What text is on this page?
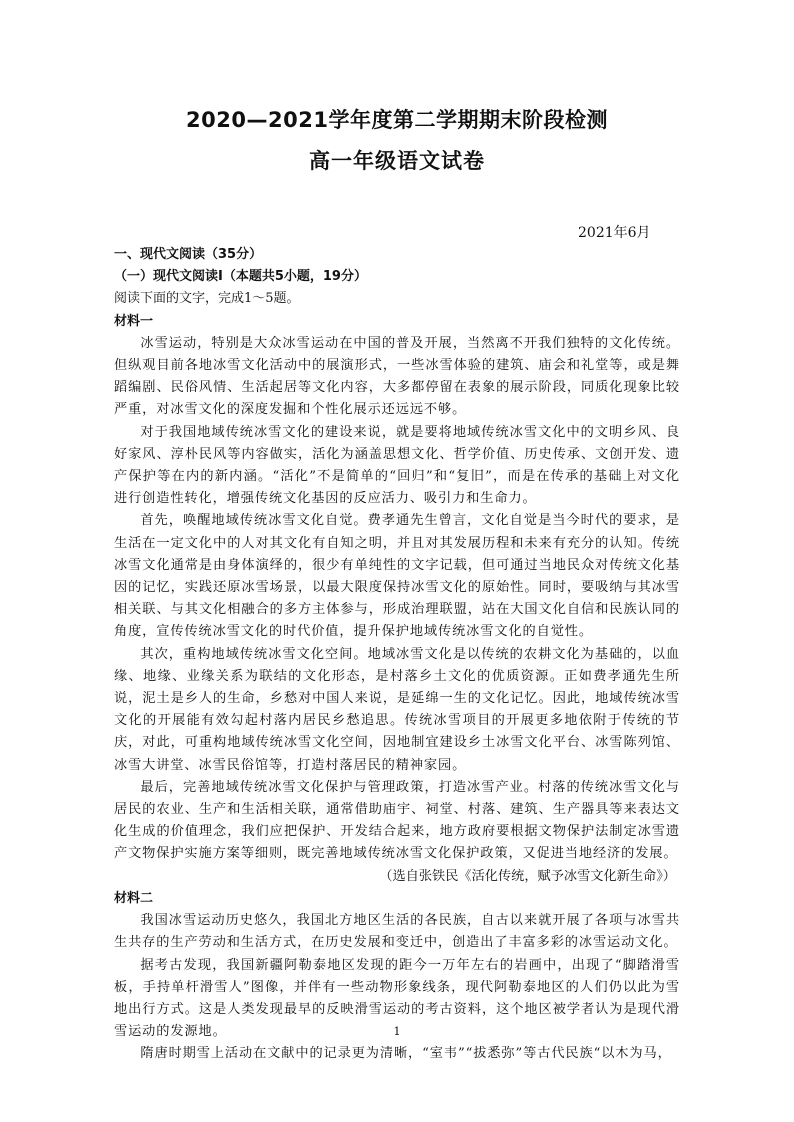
2020—2021学年度第二学期期末阶段检测
高一年级语文试卷
2021年6月
一、现代文阅读（35分）
（一）现代文阅读Ⅰ（本题共5小题，19分）
阅读下面的文字，完成1～5题。
材料一

冰雪运动，特别是大众冰雪运动在中国的普及开展，当然离不开我们独特的文化传统。但纵观目前各地冰雪文化活动中的展演形式，一些冰雪体验的建筑、庙会和礼堂等，或是舞蹈编剧、民俗风情、生活起居等文化内容，大多都停留在表象的展示阶段，同质化现象比较严重，对冰雪文化的深度发掘和个性化展示还远远不够。

对于我国地域传统冰雪文化的建设来说，就是要将地域传统冰雪文化中的文明乡风、良好家风、淳朴民风等内容做实，活化为涵盖思想文化、哲学价值、历史传承、文创开发、遗产保护等在内的新内涵。“活化”不是简单的“回归”和“复旧”，而是在传承的基础上对文化进行创造性转化，增强传统文化基因的反应活力、吸引力和生命力。

首先，唤醒地域传统冰雪文化自觉。费孝通先生曾言，文化自觉是当今时代的要求，是生活在一定文化中的人对其文化有自知之明，并且对其发展历程和未来有充分的认知。传统冰雪文化通常是由身体演绎的，很少有单纯性的文字记载，但可通过当地民众对传统文化基因的记忆，实践还原冰雪场景，以最大限度保持冰雪文化的原始性。同时，要吸纳与其冰雪相关联、与其文化相融合的多方主体参与，形成治理联盟，站在大国文化自信和民族认同的角度，宣传传统冰雪文化的时代价值，提升保护地域传统冰雪文化的自觉性。

其次，重构地域传统冰雪文化空间。地域冰雪文化是以传统的农耕文化为基础的，以血缘、地缘、业缘关系为联结的文化形态，是村落乡土文化的优质资源。正如费孝通先生所说，泥土是乡人的生命，乡愁对中国人来说，是延绵一生的文化记忆。因此，地域传统冰雪文化的开展能有效勾起村落内居民乡愁追思。传统冰雪项目的开展更多地依附于传统的节庆，对此，可重构地域传统冰雪文化空间，因地制宜建设乡土冰雪文化平台、冰雪陈列馆、冰雪大讲堂、冰雪民俗馆等，打造村落居民的精神家园。

最后，完善地域传统冰雪文化保护与管理政策，打造冰雪产业。村落的传统冰雪文化与居民的农业、生产和生活相关联，通常借助庙宇、祠堂、村落、建筑、生产器具等来表达文化生成的价值理念，我们应把保护、开发结合起来，地方政府要根据文物保护法制定冰雪遗产文物保护实施方案等细则，既完善地域传统冰雪文化保护政策，又促进当地经济的发展。

（选自张铁民《活化传统，赋予冰雪文化新生命》）

材料二

我国冰雪运动历史悠久，我国北方地区生活的各民族，自古以来就开展了各项与冰雪共生共存的生产劳动和生活方式，在历史发展和变迁中，创造出了丰富多彩的冰雪运动文化。

据考古发现，我国新疆阿勒泰地区发现的距今一万年左右的岩画中，出现了“脚踏滑雪板，手持单杆滑雪人”图像，并伴有一些动物形象线条，现代阿勒泰地区的人们仍以此为雪地出行方式。这是人类发现最早的反映滑雪运动的考古资料，这个地区被学者认为是现代滑雪运动的发源地。

隋唐时期雪上活动在文献中的记录更为清晰，“室韦”“拔悉弥”等古代民族“以木为马，

1
